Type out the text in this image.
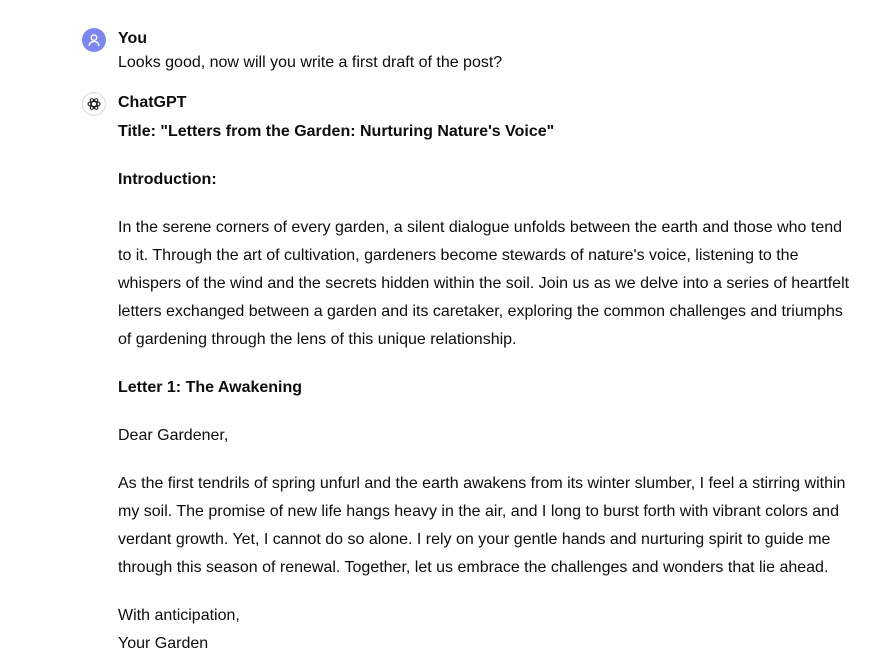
You
Looks good, now will you write a first draft of the post?
ChatGPT

Title: "Letters from the Garden: Nurturing Nature's Voice"

Introduction:

In the serene corners of every garden, a silent dialogue unfolds between the earth and those who tend to it. Through the art of cultivation, gardeners become stewards of nature's voice, listening to the whispers of the wind and the secrets hidden within the soil. Join us as we delve into a series of heartfelt letters exchanged between a garden and its caretaker, exploring the common challenges and triumphs of gardening through the lens of this unique relationship.

Letter 1: The Awakening

Dear Gardener,

As the first tendrils of spring unfurl and the earth awakens from its winter slumber, I feel a stirring within my soil. The promise of new life hangs heavy in the air, and I long to burst forth with vibrant colors and verdant growth. Yet, I cannot do so alone. I rely on your gentle hands and nurturing spirit to guide me through this season of renewal. Together, let us embrace the challenges and wonders that lie ahead.

With anticipation,

Your Garden
